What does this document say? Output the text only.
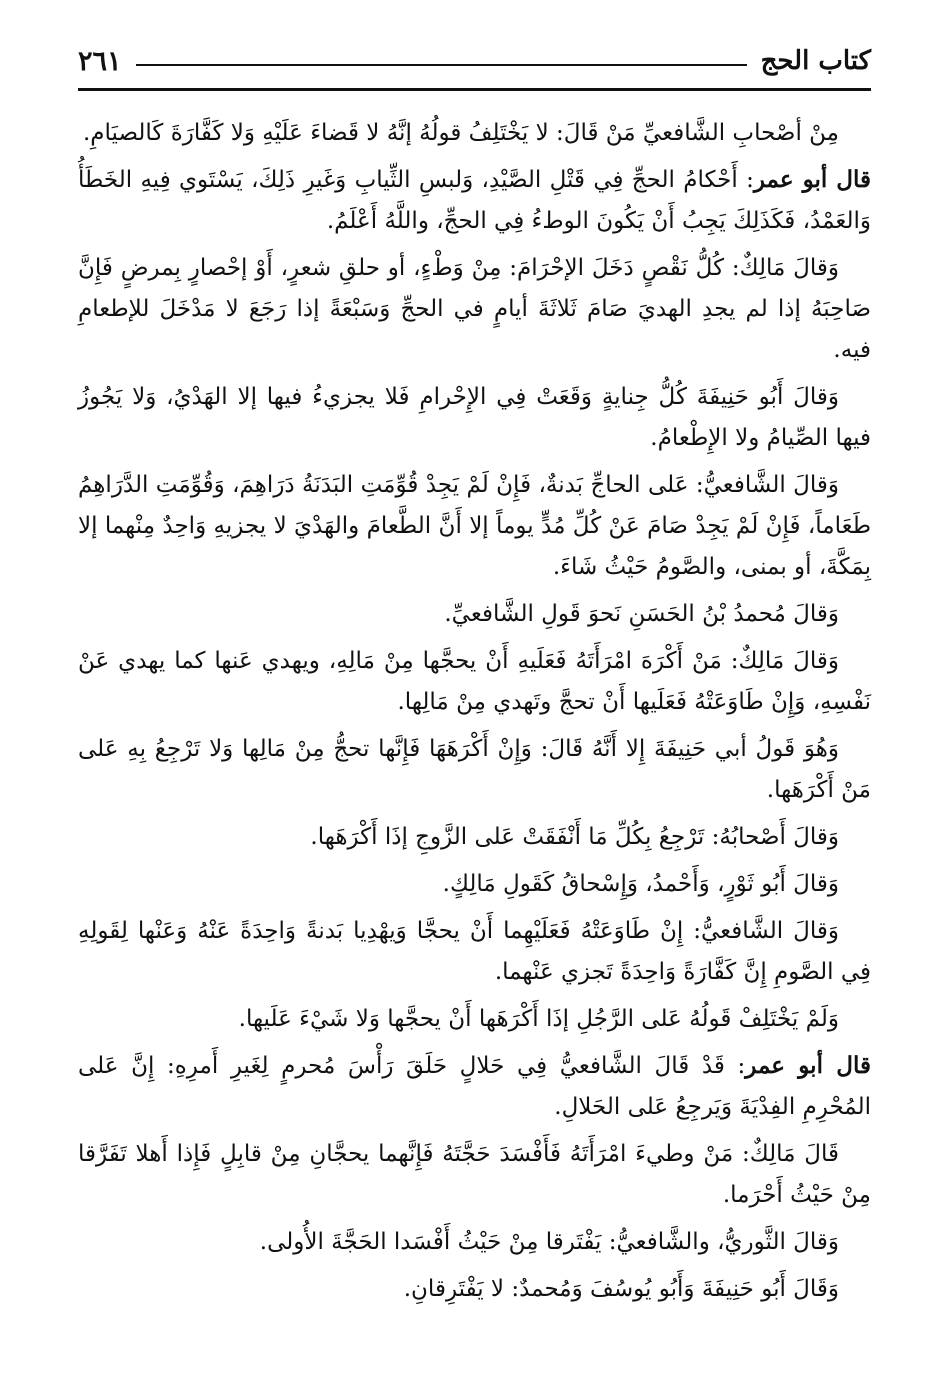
٢٦١	كتاب الحج

مِنْ أصْحابِ الشَّافعيِّ مَنْ قَالَ: لا يَخْتَلِفُ قولُهُ إنَّهُ لا قَضاءَ عَلَيْهِ وَلا كَفَّارَةَ كَالصيَامِ.

قال أبو عمر: أَحْكامُ الحجِّ فِي قَتْلِ الصَّيْدِ، وَلبسِ الثِّيابِ وَغَيرِ ذَلِكَ، يَسْتَوي فِيهِ الخَطَأُ وَالعَمْدُ، فَكَذَلِكَ يَجِبُ أَنْ يَكُونَ الوطءُ فِي الحجِّ، واللَّهُ أَعْلَمُ.

وَقالَ مَالِكٌ: كُلُّ نَقْصٍ دَخَلَ الإحْرَامَ: مِنْ وَطْءٍ، أو حلقِ شعرٍ، أَوْ إحْصارٍ بِمرضٍ فَإِنَّ صَاحِبَهُ إذا لم يجدِ الهديَ صَامَ ثَلاثَةَ أيامٍ في الحجِّ وَسَبْعَةً إذا رَجَعَ لا مَدْخَلَ للإطعامِ فيه.

وَقالَ أَبُو حَنِيفَةَ كُلُّ جِنايةٍ وَقَعَتْ فِي الإِحْرامِ فَلا يجزيءُ فيها إلا الهَدْيُ، وَلا يَجُوزُ فيها الصِّيامُ ولا الإِطْعامُ.

وَقالَ الشَّافعيُّ: عَلى الحاجِّ بَدنةٌ، فَإِنْ لَمْ يَجِدْ قُوِّمَتِ البَدَنَةُ دَرَاهِمَ، وَقُوِّمَتِ الدَّرَاهِمُ طَعَاماً، فَإِنْ لَمْ يَجِدْ صَامَ عَنْ كُلِّ مُدٍّ يوماً إلا أَنَّ الطَّعامَ والهَدْيَ لا يجزيهِ وَاحِدٌ مِنْهما إلا بِمَكَّةَ، أو بمنى، والصَّومُ حَيْثُ شَاءَ.

وَقالَ مُحمدُ بْنُ الحَسَنِ نَحوَ قَولِ الشَّافعيِّ.

وَقالَ مَالِكٌ: مَنْ أَكْرَهَ امْرَأَتَهُ فَعَلَيهِ أَنْ يحجَّها مِنْ مَالِهِ، ويهدي عَنها كما يهدي عَنْ نَفْسِهِ، وَإِنْ طَاوَعَتْهُ فَعَلَيها أَنْ تحجَّ وتَهدي مِنْ مَالِها.

وَهُوَ قَولُ أبي حَنِيفَةَ إِلا أَنَّهُ قَالَ: وَإِنْ أَكْرَهَهَا فَإِنَّها تحجُّ مِنْ مَالِها وَلا تَرْجِعُ بِهِ عَلى مَنْ أَكْرَهَها.

وَقالَ أَصْحابُهُ: تَرْجِعُ بِكُلِّ مَا أَنْفَقَتْ عَلى الزَّوجِ إذَا أَكْرَهَها.

وَقالَ أَبُو ثَوْرٍ، وَأَحْمدُ، وَإِسْحاقُ كَقَولِ مَالِكٍ.

وَقالَ الشَّافعيُّ: إِنْ طَاوَعَتْهُ فَعَلَيْهِما أَنْ يحجَّا وَيهْدِيا بَدنةً وَاحِدَةً عَنْهُ وَعَنْها لِقَولِهِ فِي الصَّومِ إِنَّ كَفَّارَةً وَاحِدَةً تَجزي عَنْهما.

وَلَمْ يَخْتَلِفْ قَولُهُ عَلى الرَّجُلِ إذَا أَكْرَهَها أَنْ يحجَّها وَلا شَيْءَ عَلَيها.

قال أبو عمر: قَدْ قَالَ الشَّافعيُّ فِي حَلالٍ حَلَقَ رَأْسَ مُحرمٍ لِغَيرِ أَمرِهِ: إِنَّ عَلى المُحْرِمِ الفِدْيَةَ وَيَرجِعُ عَلى الحَلالِ.

قَالَ مَالِكٌ: مَنْ وطيءَ امْرَأَتَهُ فَأَفْسَدَ حَجَّتَهُ فَإِنَّهما يحجَّانِ مِنْ قابِلٍ فَإِذا أَهلا تَفَرَّقا مِنْ حَيْثُ أَحْرَما.

وَقالَ الثَّوريُّ، والشَّافعيُّ: يَفْتَرقا مِنْ حَيْثُ أَفْسَدا الحَجَّةَ الأُولى.

وَقَالَ أَبُو حَنِيفَةَ وَأَبُو يُوسُفَ وَمُحمدٌ: لا يَفْتَرِقانِ.
